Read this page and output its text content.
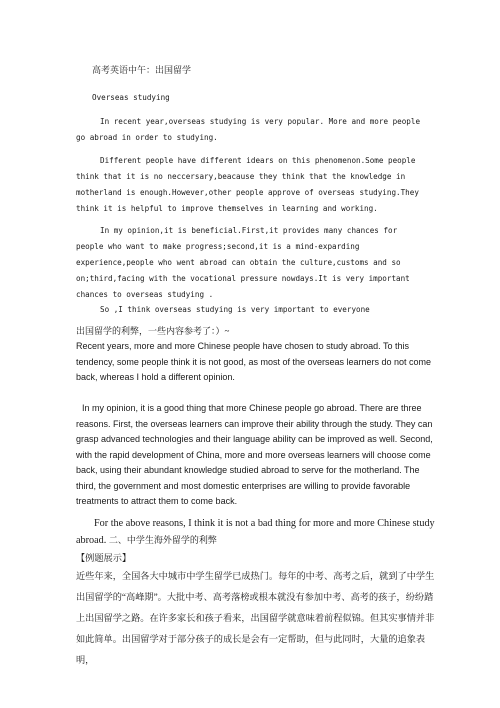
高考英语中午：出国留学

Overseas studying

In recent year,overseas studying is very popular. More and more people go abroad in order to studying.

Different people have different idears on this phenomenon.Some people think that it is no neccersary,beacause they think that the knowledge in motherland is enough.However,other people approve of overseas studying.They think it is helpful to improve themselves in learning and working.

In my opinion,it is beneficial.First,it provides many chances for people who want to make progress;second,it is a mind-exparding experience,people who went abroad can obtain the culture,customs and so on;third,facing with the vocational pressure nowdays.It is very important chances to overseas studying .

So ,I think overseas studying is very important to everyone

出国留学的利弊，一些内容参考了：）~

Recent years, more and more Chinese people have chosen to study abroad. To this tendency, some people think it is not good, as most of the overseas learners do not come back, whereas I hold a different opinion.

In my opinion, it is a good thing that more Chinese people go abroad. There are three reasons. First, the overseas learners can improve their ability through the study. They can grasp advanced technologies and their language ability can be improved as well. Second, with the rapid development of China, more and more overseas learners will choose come back, using their abundant knowledge studied abroad to serve for the motherland. The third, the government and most domestic enterprises are willing to provide favorable treatments to attract them to come back.

For the above reasons, I think it is not a bad thing for more and more Chinese study abroad. 二、中学生海外留学的利弊

【例题展示】

近些年来，全国各大中城市中学生留学已成热门。每年的中考、高考之后，就到了中学生出国留学的“高峰期”。大批中考、高考落榜或根本就没有参加中考、高考的孩子，纷纷踏上出国留学之路。在许多家长和孩子看来，出国留学就意味着前程似锦。但其实事情并非如此简单。出国留学对于部分孩子的成长是会有一定帮助，但与此同时，大量的追象表明，
